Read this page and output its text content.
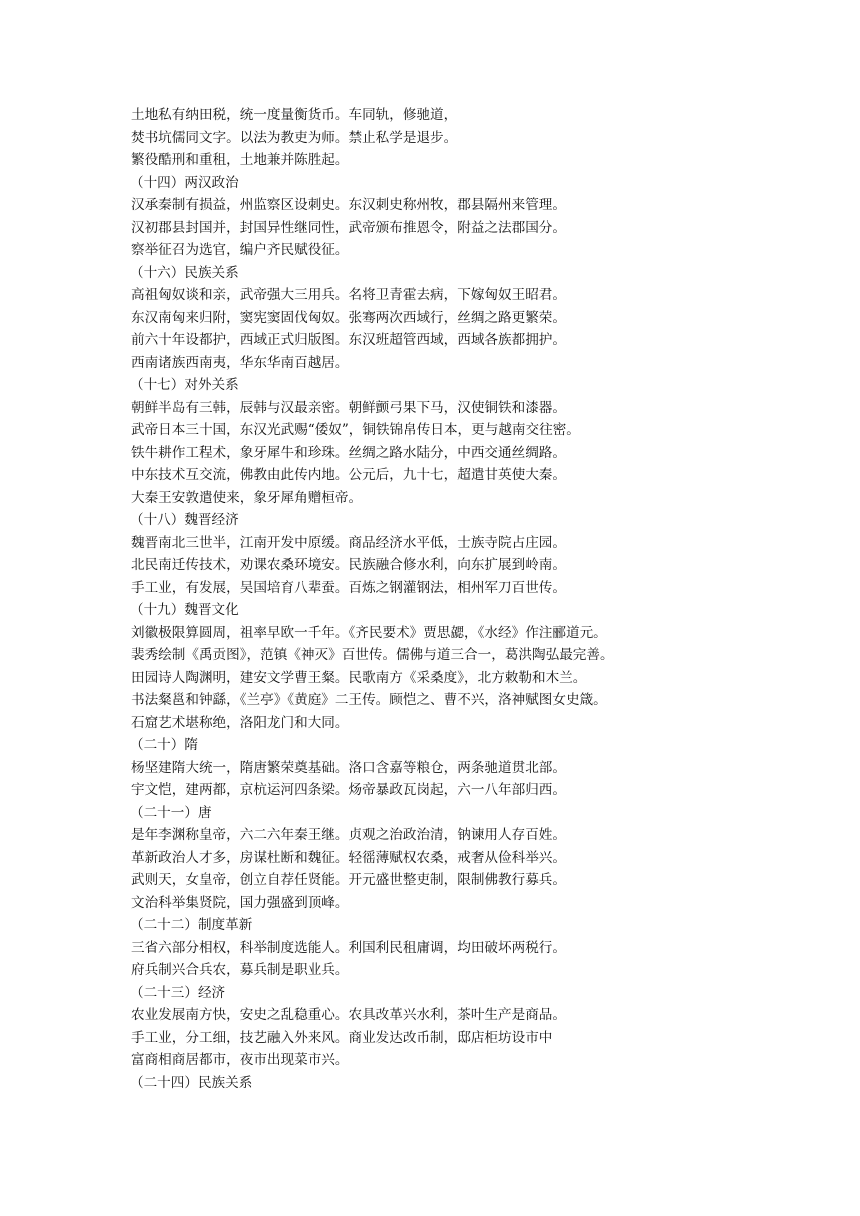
土地私有纳田税，统一度量衡货币。车同轨，修驰道，
焚书坑儒同文字。以法为教吏为师。禁止私学是退步。
繁役酷刑和重租，土地兼并陈胜起。
（十四）两汉政治
汉承秦制有损益，州监察区设刺史。东汉刺史称州牧，郡县隔州来管理。
汉初郡县封国并，封国异性继同性，武帝颁布推恩令，附益之法郡国分。
察举征召为选官，编户齐民赋役征。
（十六）民族关系
高祖匈奴谈和亲，武帝强大三用兵。名将卫青霍去病，下嫁匈奴王昭君。
东汉南匈来归附，窦宪窦固伐匈奴。张骞两次西域行，丝绸之路更繁荣。
前六十年设都护，西域正式归版图。东汉班超管西域，西域各族都拥护。
西南诸族西南夷，华东华南百越居。
（十七）对外关系
朝鲜半岛有三韩，辰韩与汉最亲密。朝鲜颤弓果下马，汉使铜铁和漆器。
武帝日本三十国，东汉光武赐“倭奴”，铜铁锦帛传日本，更与越南交往密。
铁牛耕作工程术，象牙犀牛和珍珠。丝绸之路水陆分，中西交通丝绸路。
中东技术互交流，佛教由此传内地。公元后，九十七，超遣甘英使大秦。
大秦王安敦遣使来，象牙犀角赠桓帝。
（十八）魏晋经济
魏晋南北三世半，江南开发中原缓。商品经济水平低，士族寺院占庄园。
北民南迁传技术，劝课农桑环境安。民族融合修水利，向东扩展到岭南。
手工业，有发展，吴国培育八辈蚕。百炼之钢灌钢法，相州军刀百世传。
（十九）魏晋文化
刘徽极限算圆周，祖率早欧一千年。《齐民要术》贾思勰，《水经》作注郦道元。
裴秀绘制《禹贡图》，范镇《神灭》百世传。儒佛与道三合一，葛洪陶弘最完善。
田园诗人陶渊明，建安文学曹王粲。民歌南方《采桑度》，北方敕勒和木兰。
书法粲邕和钟繇，《兰亭》《黄庭》二王传。顾恺之、曹不兴，洛神赋图女史箴。
石窟艺术堪称绝，洛阳龙门和大同。
（二十）隋
杨坚建隋大统一，隋唐繁荣奠基础。洛口含嘉等粮仓，两条驰道贯北部。
宇文恺，建两都，京杭运河四条梁。炀帝暴政瓦岗起，六一八年部归西。
（二十一）唐
是年李渊称皇帝，六二六年秦王继。贞观之治政治清，钠谏用人存百姓。
革新政治人才多，房谋杜断和魏征。轻徭薄赋权农桑，戒奢从俭科举兴。
武则天，女皇帝，创立自荐任贤能。开元盛世整吏制，限制佛教行募兵。
文治科举集贤院，国力强盛到顶峰。
（二十二）制度革新
三省六部分相权，科举制度选能人。利国利民租庸调，均田破坏两税行。
府兵制兴合兵农，募兵制是职业兵。
（二十三）经济
农业发展南方快，安史之乱稳重心。农具改革兴水利，茶叶生产是商品。
手工业，分工细，技艺融入外来风。商业发达改币制，邸店柜坊设市中
富商相商居都市，夜市出现菜市兴。
（二十四）民族关系
